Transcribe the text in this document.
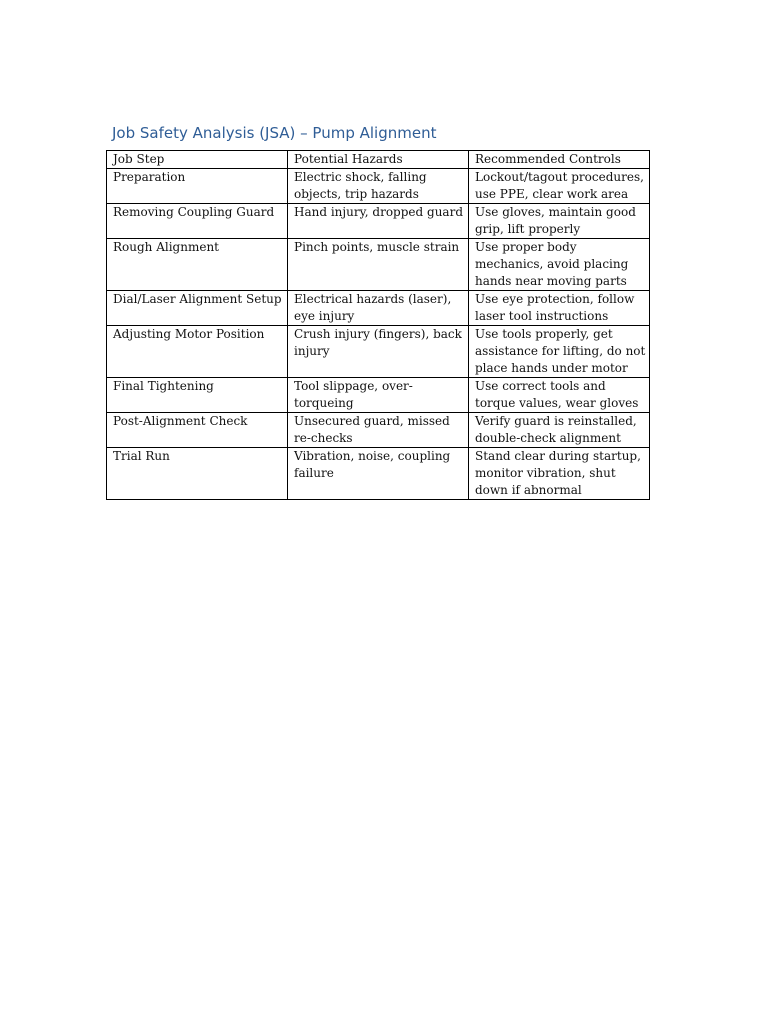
Job Safety Analysis (JSA) – Pump Alignment
Job Step	Potential Hazards	Recommended Controls
Preparation	Electric shock, falling objects, trip hazards	Lockout/tagout procedures, use PPE, clear work area
Removing Coupling Guard	Hand injury, dropped guard	Use gloves, maintain good grip, lift properly
Rough Alignment	Pinch points, muscle strain	Use proper body mechanics, avoid placing hands near moving parts
Dial/Laser Alignment Setup	Electrical hazards (laser), eye injury	Use eye protection, follow laser tool instructions
Adjusting Motor Position	Crush injury (fingers), back injury	Use tools properly, get assistance for lifting, do not place hands under motor
Final Tightening	Tool slippage, over-torqueing	Use correct tools and torque values, wear gloves
Post-Alignment Check	Unsecured guard, missed re-checks	Verify guard is reinstalled, double-check alignment
Trial Run	Vibration, noise, coupling failure	Stand clear during startup, monitor vibration, shut down if abnormal
